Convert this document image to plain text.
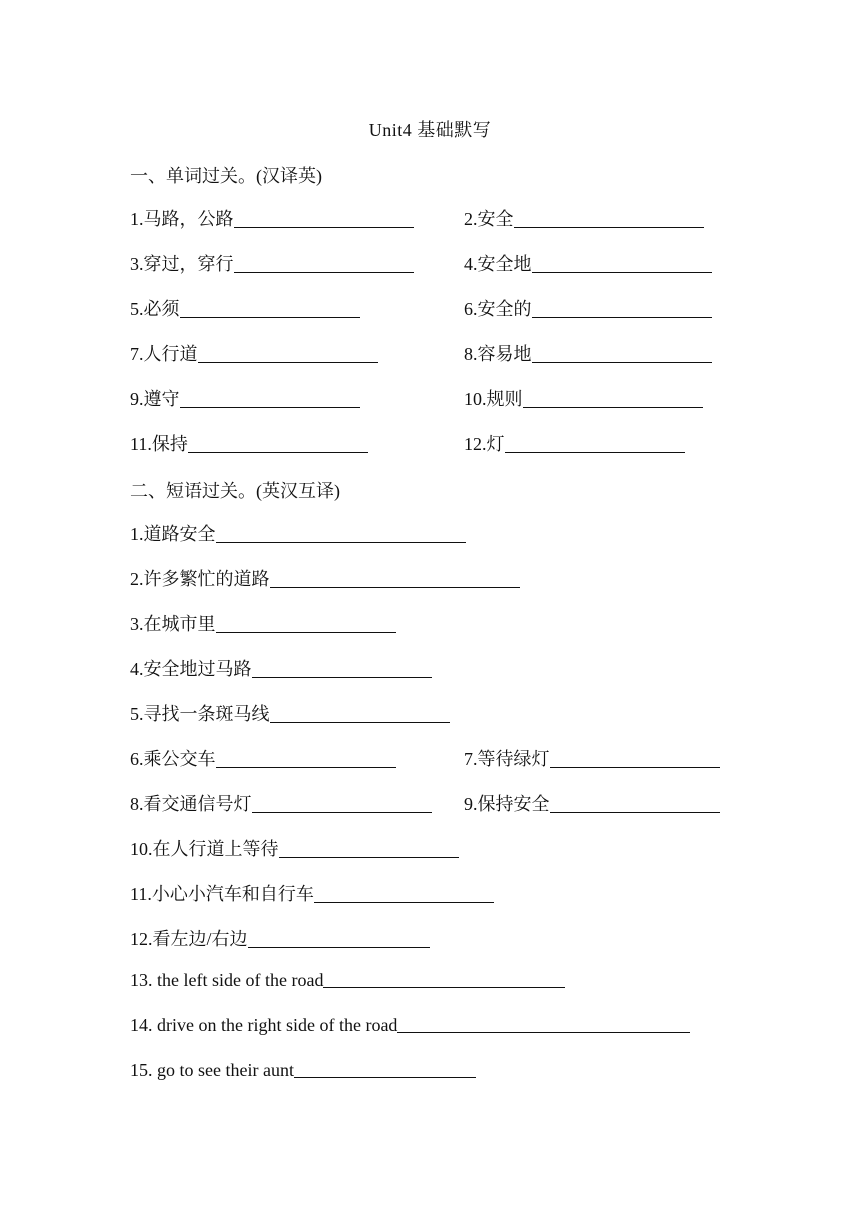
Unit4 基础默写
一、单词过关。(汉译英)
1.马路，公路	2.安全
3.穿过，穿行	4.安全地
5.必须	6.安全的
7.人行道	8.容易地
9.遵守	10.规则
11.保持	12.灯
二、短语过关。(英汉互译)
1.道路安全
2.许多繁忙的道路
3.在城市里
4.安全地过马路
5.寻找一条斑马线
6.乘公交车	7.等待绿灯
8.看交通信号灯	9.保持安全
10.在人行道上等待
11.小心小汽车和自行车
12.看左边/右边
13. the left side of the road
14. drive on the right side of the road
15. go to see their aunt
